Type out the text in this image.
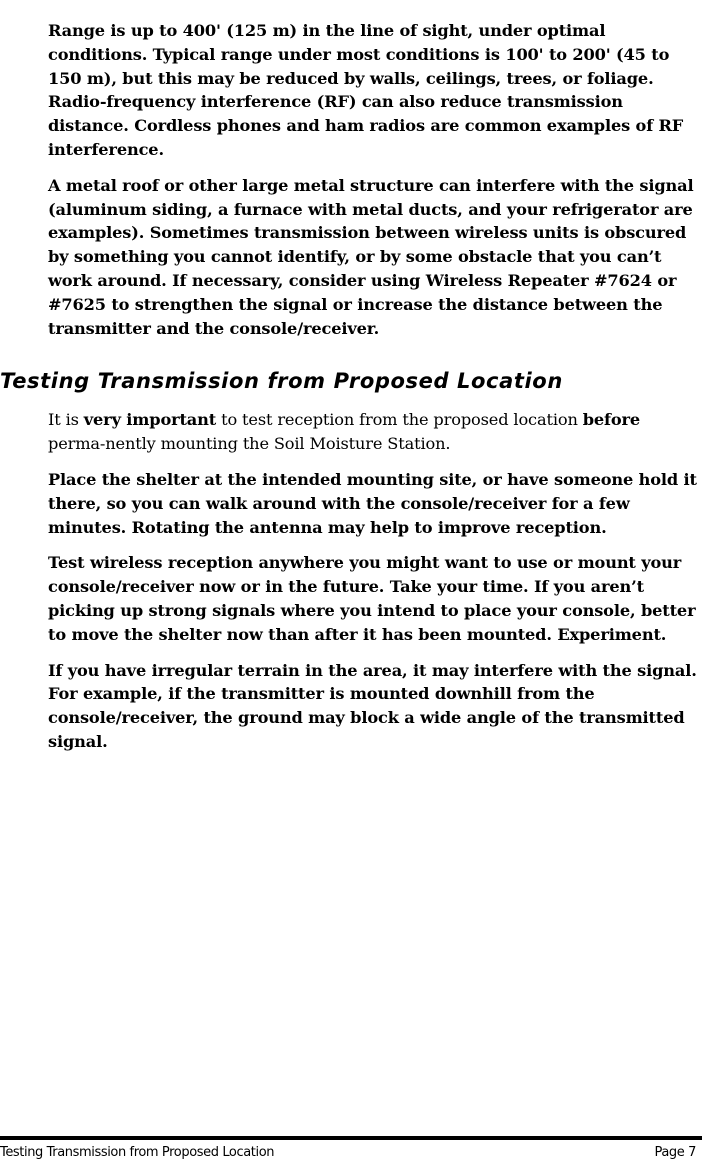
Range is up to 400' (125 m) in the line of sight, under optimal conditions. Typical range under most conditions is 100' to 200' (45 to 150 m), but this may be reduced by walls, ceilings, trees, or foliage. Radio-frequency interference (RF) can also reduce transmission distance. Cordless phones and ham radios are common examples of RF interference.

A metal roof or other large metal structure can interfere with the signal (aluminum siding, a furnace with metal ducts, and your refrigerator are examples). Sometimes transmission between wireless units is obscured by something you cannot identify, or by some obstacle that you can’t work around. If necessary, consider using Wireless Repeater #7624 or #7625 to strengthen the signal or increase the distance between the transmitter and the console/receiver.

Testing Transmission from Proposed Location

It is very important to test reception from the proposed location before perma-nently mounting the Soil Moisture Station.

Place the shelter at the intended mounting site, or have someone hold it there, so you can walk around with the console/receiver for a few minutes. Rotating the antenna may help to improve reception.

Test wireless reception anywhere you might want to use or mount your console/receiver now or in the future. Take your time. If you aren’t picking up strong signals where you intend to place your console, better to move the shelter now than after it has been mounted. Experiment.

If you have irregular terrain in the area, it may interfere with the signal. For example, if the transmitter is mounted downhill from the console/receiver, the ground may block a wide angle of the transmitted signal.

Testing Transmission from Proposed Location	Page 7
